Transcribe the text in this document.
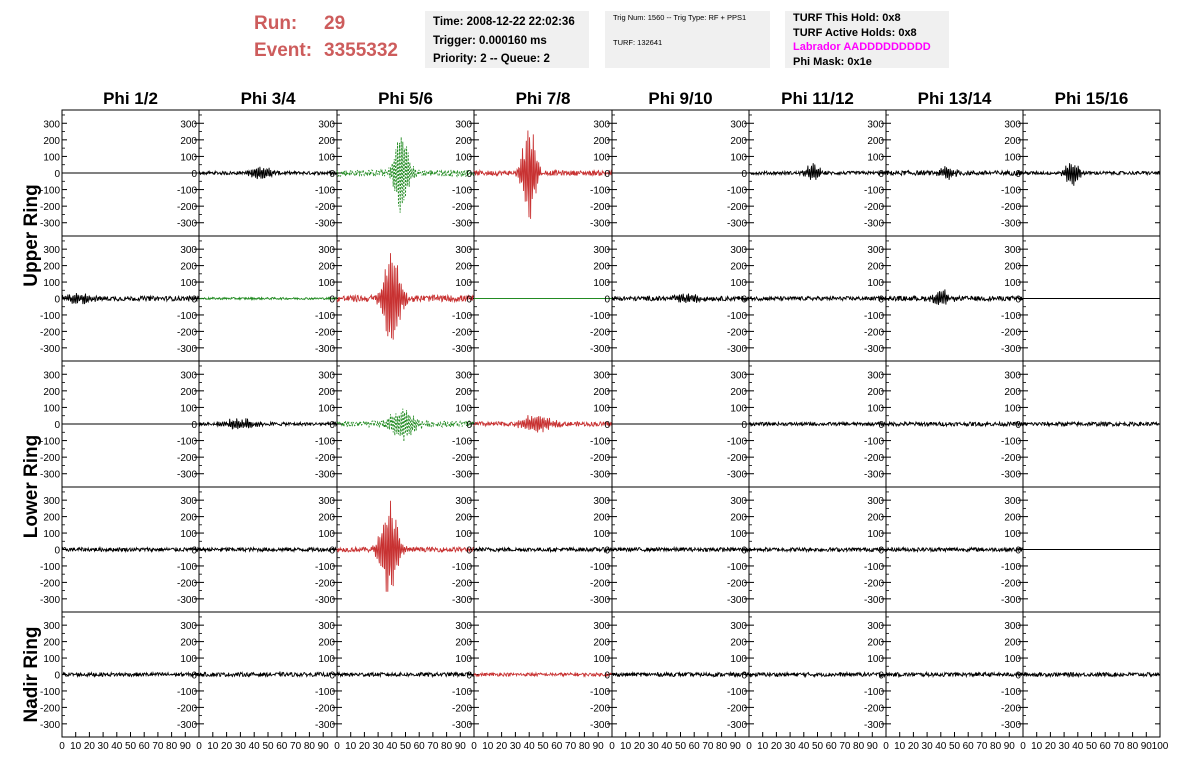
Run:	29
Event: 3355332
Time: 2008-12-22 22:02:36
Trigger: 0.000160 ms
Priority: 2 -- Queue: 2
Trig Num: 1560 -- Trig Type: RF + PPS1
TURF: 132641
TURF This Hold: 0x8
TURF Active Holds: 0x8
Labrador AADDDDDDDDD
Phi Mask: 0x1e
Phi 1/2	Phi 3/4	Phi 5/6	Phi 7/8	Phi 9/10	Phi 11/12	Phi 13/14	Phi 15/16
Upper Ring
Lower Ring
Nadir Ring
300
200
100
0
-100
-200
-300
300
200
100
0
-100
-200
-300
300
200
100
0
-100
-200
-300
300
200
100
0
-100
-200
-300
300
200
100
0
-100
-200
-300
300
200
100
0
-100
-200
-300
300
200
100
0
-100
-200
-300
300
200
100
0
-100
-200
-300
300
200
100
0
-100
-200
-300
300
200
100
0
-100
-200
-300
300
200
100
0
-100
-200
-300
300
200
100
0
-100
-200
-300
300
200
100
0
-100
-200
-300
300
200
100
0
-100
-200
-300
300
200
100
0
-100
-200
-300
300
200
100
0
-100
-200
-300
300
200
100
0
-100
-200
-300
300
200
100
0
-100
-200
-300
300
200
100
0
-100
-200
-300
300
200
100
0
-100
-200
-300
300
200
100
0
-100
-200
-300
300
200
100
0
-100
-200
-300
300
200
100
0
-100
-200
-300
300
200
100
0
-100
-200
-300
300
200
100
0
-100
-200
-300
300
200
100
0
-100
-200
-300
300
200
100
0
-100
-200
-300
300
200
100
0
-100
-200
-300
300
200
100
0
-100
-200
-300
300
200
100
0
-100
-200
-300
300
200
100
0
-100
-200
-300
300
200
100
0
-100
-200
-300
300
200
100
0
-100
-200
-300
300
200
100
0
-100
-200
-300
300
200
100
0
-100
-200
-300
300
200
100
0
-100
-200
-300
300
200
100
0
-100
-200
-300
300
200
100
0
-100
-200
-300
300
200
100
0
-100
-200
-300
300
200
100
0
-100
-200
-300
0 10 20 30 40 50 60 70 80 90 0 10 20 30 40 50 60 70 80 90 0 10 20 30 40 50 60 70 80 90 0 10 20 30 40 50 60 70 80 90 0 10 20 30 40 50 60 70 80 90 0 10 20 30 40 50 60 70 80 90 0 10 20 30 40 50 60 70 80 90 0 10 20 30 40 50 60 70 80 90 100
